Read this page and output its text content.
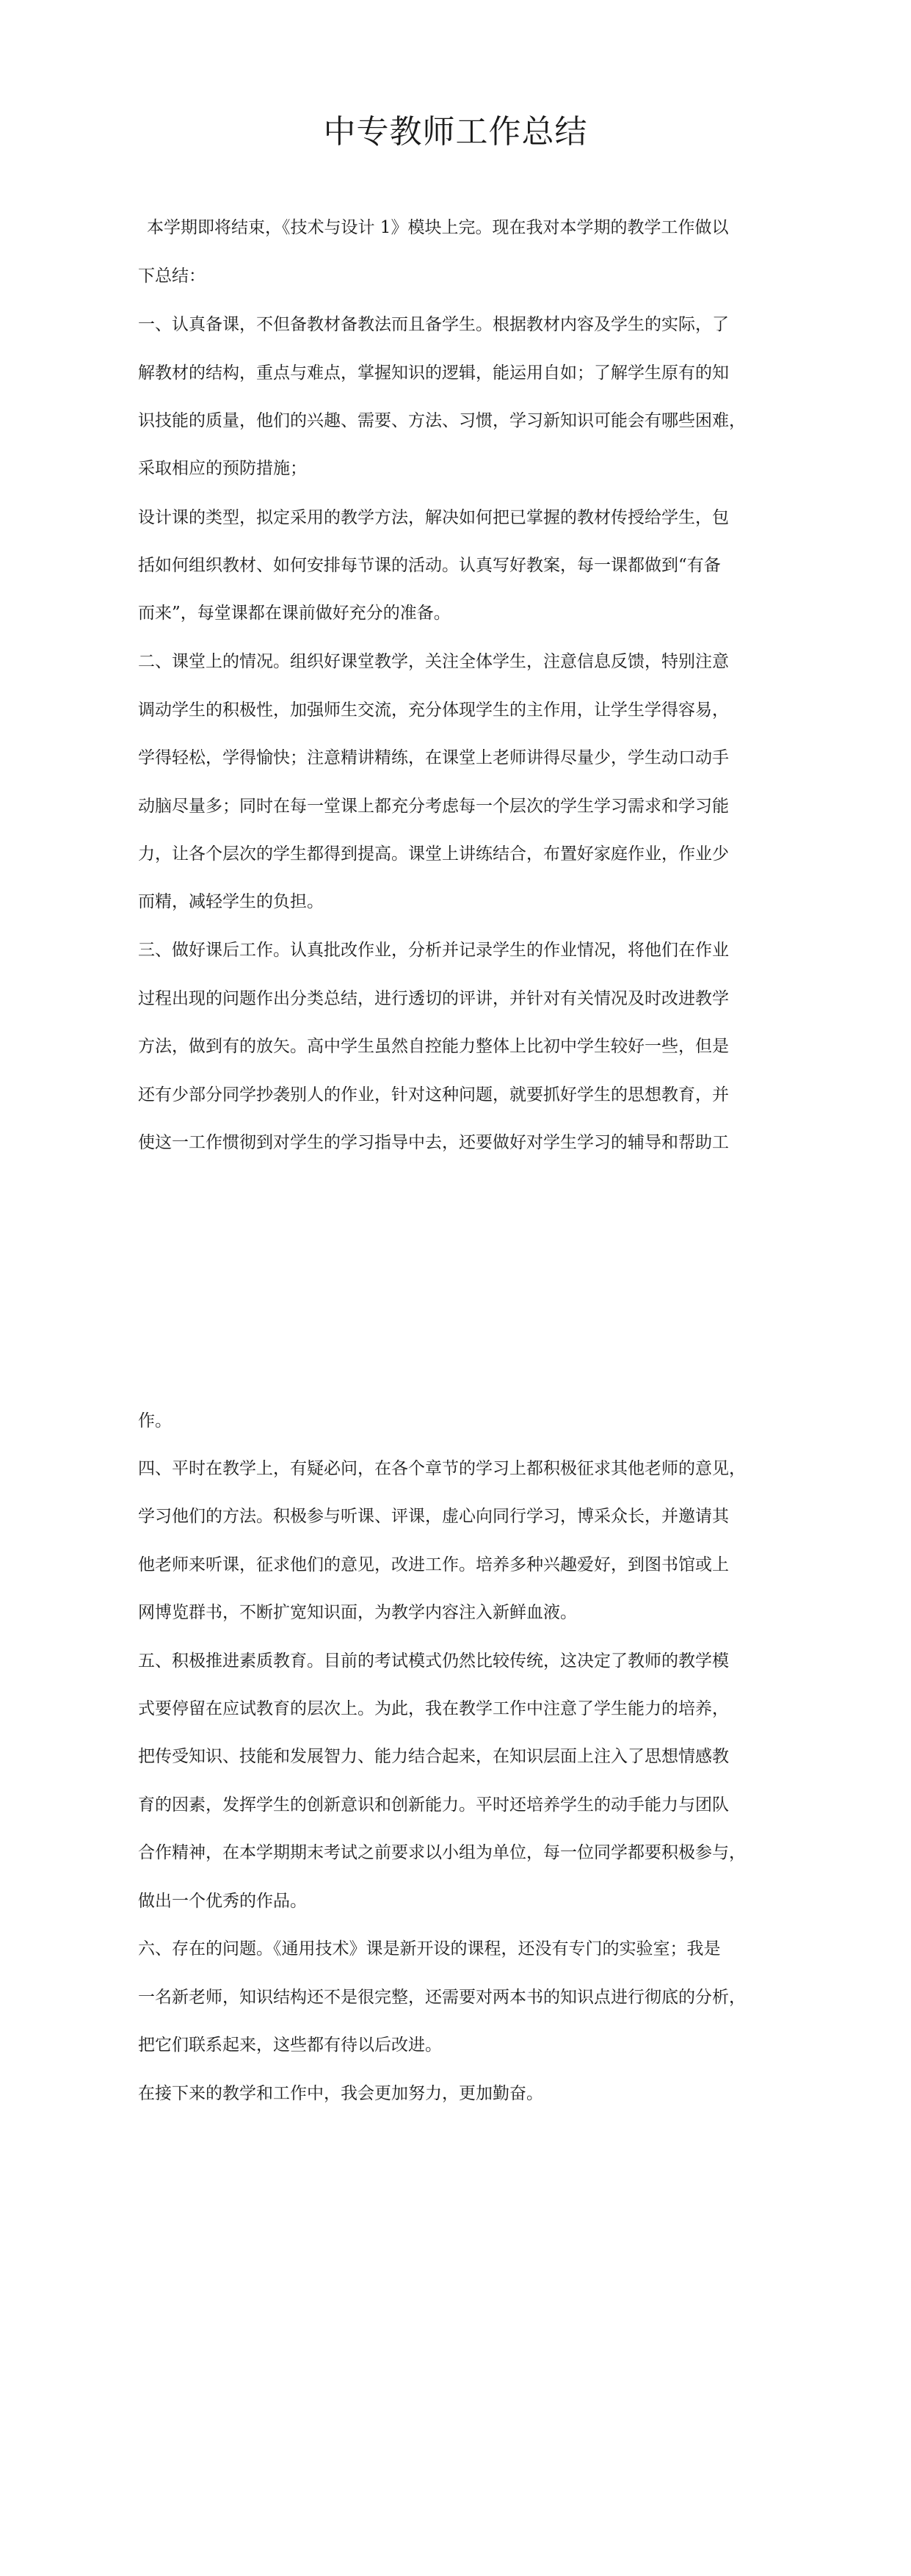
中专教师工作总结

本学期即将结束，《技术与设计 1》模块上完。现在我对本学期的教学工作做以

下总结：

一、认真备课，不但备教材备教法而且备学生。根据教材内容及学生的实际，了

解教材的结构，重点与难点，掌握知识的逻辑，能运用自如；了解学生原有的知

识技能的质量，他们的兴趣、需要、方法、习惯，学习新知识可能会有哪些困难，

采取相应的预防措施；

设计课的类型，拟定采用的教学方法，解决如何把已掌握的教材传授给学生，包

括如何组织教材、如何安排每节课的活动。认真写好教案，每一课都做到“有备

而来”，每堂课都在课前做好充分的准备。

二、课堂上的情况。组织好课堂教学，关注全体学生，注意信息反馈，特别注意

调动学生的积极性，加强师生交流，充分体现学生的主作用，让学生学得容易，

学得轻松，学得愉快；注意精讲精练，在课堂上老师讲得尽量少，学生动口动手

动脑尽量多；同时在每一堂课上都充分考虑每一个层次的学生学习需求和学习能

力，让各个层次的学生都得到提高。课堂上讲练结合，布置好家庭作业，作业少

而精，减轻学生的负担。

三、做好课后工作。认真批改作业，分析并记录学生的作业情况，将他们在作业

过程出现的问题作出分类总结，进行透切的评讲，并针对有关情况及时改进教学

方法，做到有的放矢。高中学生虽然自控能力整体上比初中学生较好一些，但是

还有少部分同学抄袭别人的作业，针对这种问题，就要抓好学生的思想教育，并

使这一工作惯彻到对学生的学习指导中去，还要做好对学生学习的辅导和帮助工

作。

四、平时在教学上，有疑必问，在各个章节的学习上都积极征求其他老师的意见，

学习他们的方法。积极参与听课、评课，虚心向同行学习，博采众长，并邀请其

他老师来听课，征求他们的意见，改进工作。培养多种兴趣爱好，到图书馆或上

网博览群书，不断扩宽知识面，为教学内容注入新鲜血液。

五、积极推进素质教育。目前的考试模式仍然比较传统，这决定了教师的教学模

式要停留在应试教育的层次上。为此，我在教学工作中注意了学生能力的培养，

把传受知识、技能和发展智力、能力结合起来，在知识层面上注入了思想情感教

育的因素，发挥学生的创新意识和创新能力。平时还培养学生的动手能力与团队

合作精神，在本学期期末考试之前要求以小组为单位，每一位同学都要积极参与，

做出一个优秀的作品。

六、存在的问题。《通用技术》课是新开设的课程，还没有专门的实验室；我是

一名新老师，知识结构还不是很完整，还需要对两本书的知识点进行彻底的分析，

把它们联系起来，这些都有待以后改进。

在接下来的教学和工作中，我会更加努力，更加勤奋。
